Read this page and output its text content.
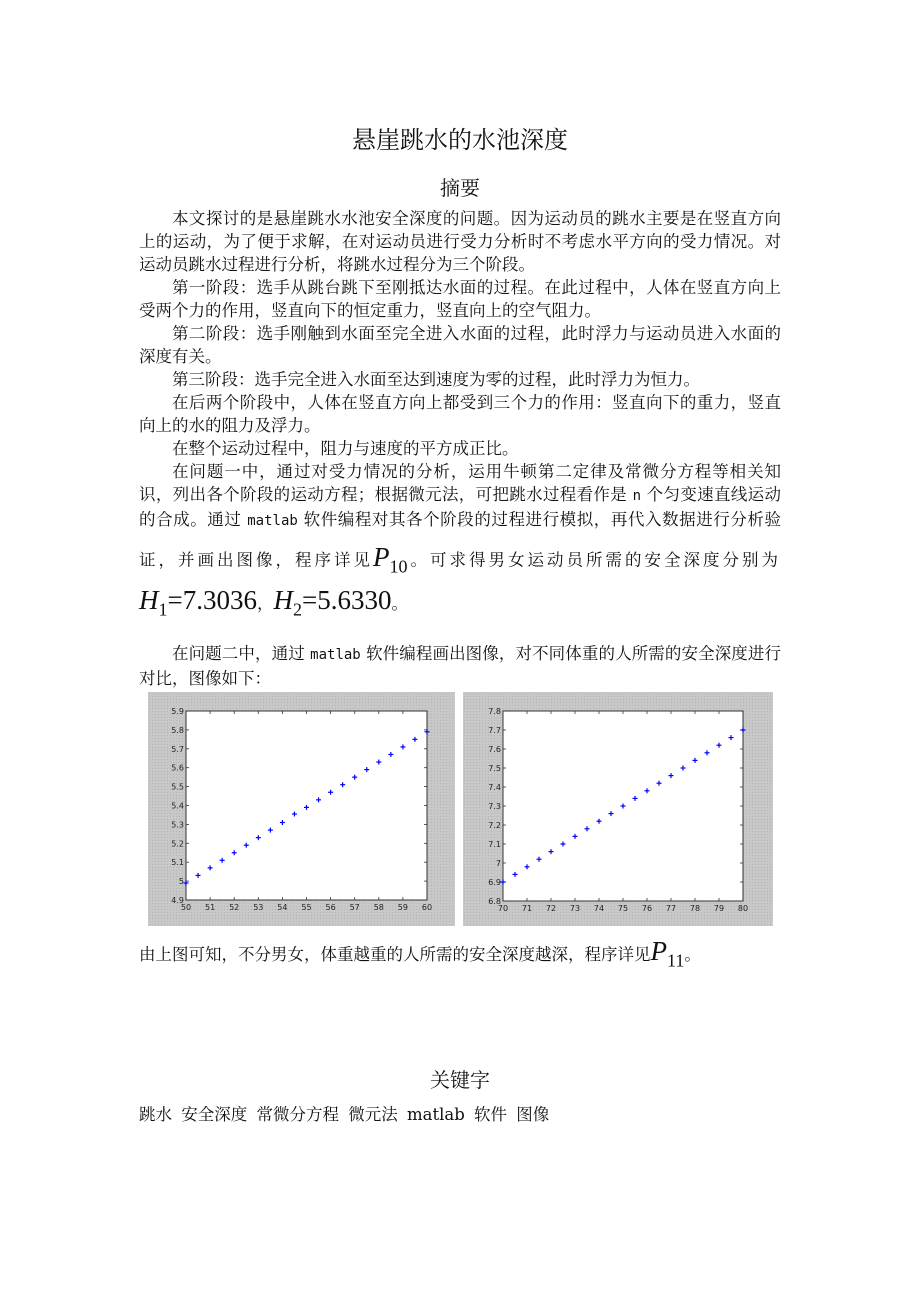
悬崖跳水的水池深度
摘要

本文探讨的是悬崖跳水水池安全深度的问题。因为运动员的跳水主要是在竖直方向上的运动，为了便于求解，在对运动员进行受力分析时不考虑水平方向的受力情况。对运动员跳水过程进行分析，将跳水过程分为三个阶段。

第一阶段：选手从跳台跳下至刚抵达水面的过程。在此过程中，人体在竖直方向上受两个力的作用，竖直向下的恒定重力，竖直向上的空气阻力。

第二阶段：选手刚触到水面至完全进入水面的过程，此时浮力与运动员进入水面的深度有关。

第三阶段：选手完全进入水面至达到速度为零的过程，此时浮力为恒力。

在后两个阶段中，人体在竖直方向上都受到三个力的作用：竖直向下的重力，竖直向上的水的阻力及浮力。

在整个运动过程中，阻力与速度的平方成正比。

在问题一中，通过对受力情况的分析，运用牛顿第二定律及常微分方程等相关知识，列出各个阶段的运动方程；根据微元法，可把跳水过程看作是 n 个匀变速直线运动的合成。通过 matlab 软件编程对其各个阶段的过程进行模拟，再代入数据进行分析验证，并画出图像，程序详见$P_{10}$。可求得男女运动员所需的安全深度分别为$H_1=7.3036$，$H_2=5.6330$。

在问题二中，通过 matlab 软件编程画出图像，对不同体重的人所需的安全深度进行对比，图像如下：

50 51 52 53 54 55 56 57 58 59 60
4.9
5
5.1
5.2
5.3
5.4
5.5
5.6
5.7
5.8
5.9
70 71 72 73 74 75 76 77 78 79 80
6.8
6.9
7
7.1
7.2
7.3
7.4
7.5
7.6
7.7
7.8

由上图可知，不分男女，体重越重的人所需的安全深度越深，程序详见$P_{11}$。

关键字
跳水 安全深度 常微分方程 微元法 matlab 软件 图像
